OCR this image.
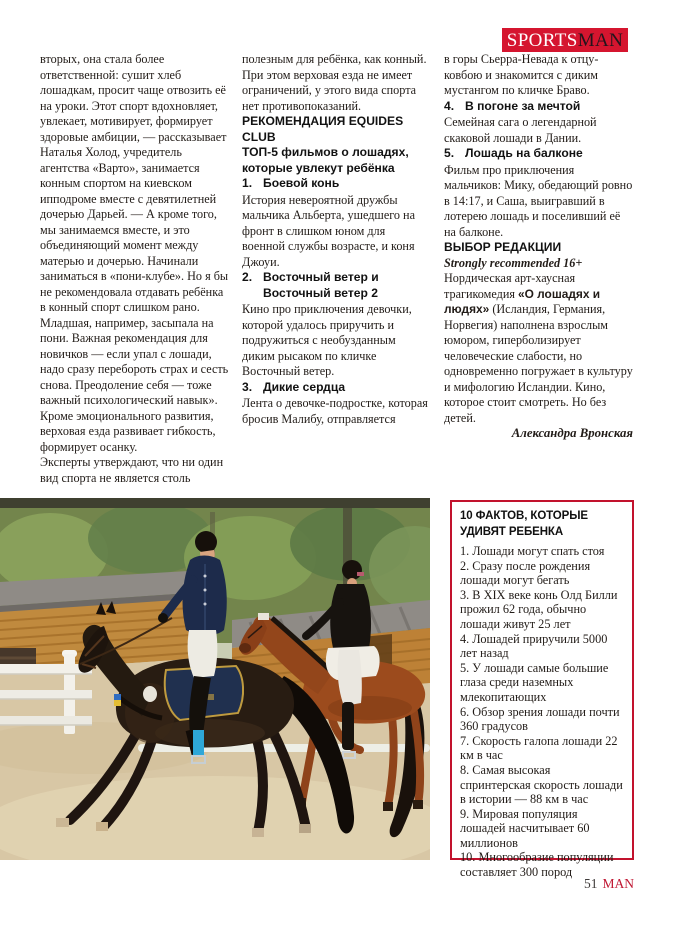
SPORTS MAN

вторых, она стала более ответственной: сушит хлеб лошадкам, просит чаще отвозить её на уроки. Этот спорт вдохновляет, увлекает, мотивирует, формирует здоровые амбиции, — рассказывает Наталья Холод, учредитель агентства «Варто», занимается конным спортом на киевском ипподроме вместе с девятилетней дочерью Дарьей. — А кроме того, мы занимаемся вместе, и это объединяющий момент между матерью и дочерью. Начинали заниматься в «пони-клубе». Но я бы не рекомендовала отдавать ребёнка в конный спорт слишком рано. Младшая, например, засыпала на пони. Важная рекомендация для новичков — если упал с лошади, надо сразу перебороть страх и сесть снова. Преодоление себя — тоже важный психологический навык».

Кроме эмоционального развития, верховая езда развивает гибкость, формирует осанку.

Эксперты утверждают, что ни один вид спорта не является столь

полезным для ребёнка, как конный. При этом верховая езда не имеет ограничений, у этого вида спорта нет противопоказаний.

РЕКОМЕНДАЦИЯ EQUIDES CLUB

ТОП-5 фильмов о лошадях, которые увлекут ребёнка

1. Боевой конь

История невероятной дружбы мальчика Альберта, ушедшего на фронт в слишком юном для военной службы возрасте, и коня Джоуи.

2. Восточный ветер и Восточный ветер 2

Кино про приключения девочки, которой удалось приручить и подружиться с необузданным диким рысаком по кличке Восточный ветер.

3. Дикие сердца

Лента о девочке-подростке, которая бросив Малибу, отправляется

в горы Сьерра-Невада к отцу-ковбою и знакомится с диким мустангом по кличке Браво.

4. В погоне за мечтой

Семейная сага о легендарной скаковой лошади в Дании.

5. Лошадь на балконе

Фильм про приключения мальчиков: Мику, обедающий ровно в 14:17, и Саша, выигравший в лотерею лошадь и поселивший её на балконе.

ВЫБОР РЕДАКЦИИ

Strongly recommended 16+

Нордическая арт-хаусная трагикомедия «О лошадях и людях» (Исландия, Германия, Норвегия) наполнена взрослым юмором, гиперболизирует человеческие слабости, но одновременно погружает в культуру и мифологию Исландии. Кино, которое стоит смотреть. Но без детей.

Александра Вронская

10 ФАКТОВ, КОТОРЫЕ УДИВЯТ РЕБЕНКА

1. Лошади могут спать стоя
2. Сразу после рождения лошади могут бегать
3. В XIX веке конь Олд Билли прожил 62 года, обычно лошади живут 25 лет
4. Лошадей приручили 5000 лет назад
5. У лошади самые большие глаза среди наземных млекопитающих
6. Обзор зрения лошади почти 360 градусов
7. Скорость галопа лошади 22 км в час
8. Самая высокая спринтерская скорость лошади в истории — 88 км в час
9. Мировая популяция лошадей насчитывает 60 миллионов
10. Многообразие популяции составляет 300 пород
51 MAN
